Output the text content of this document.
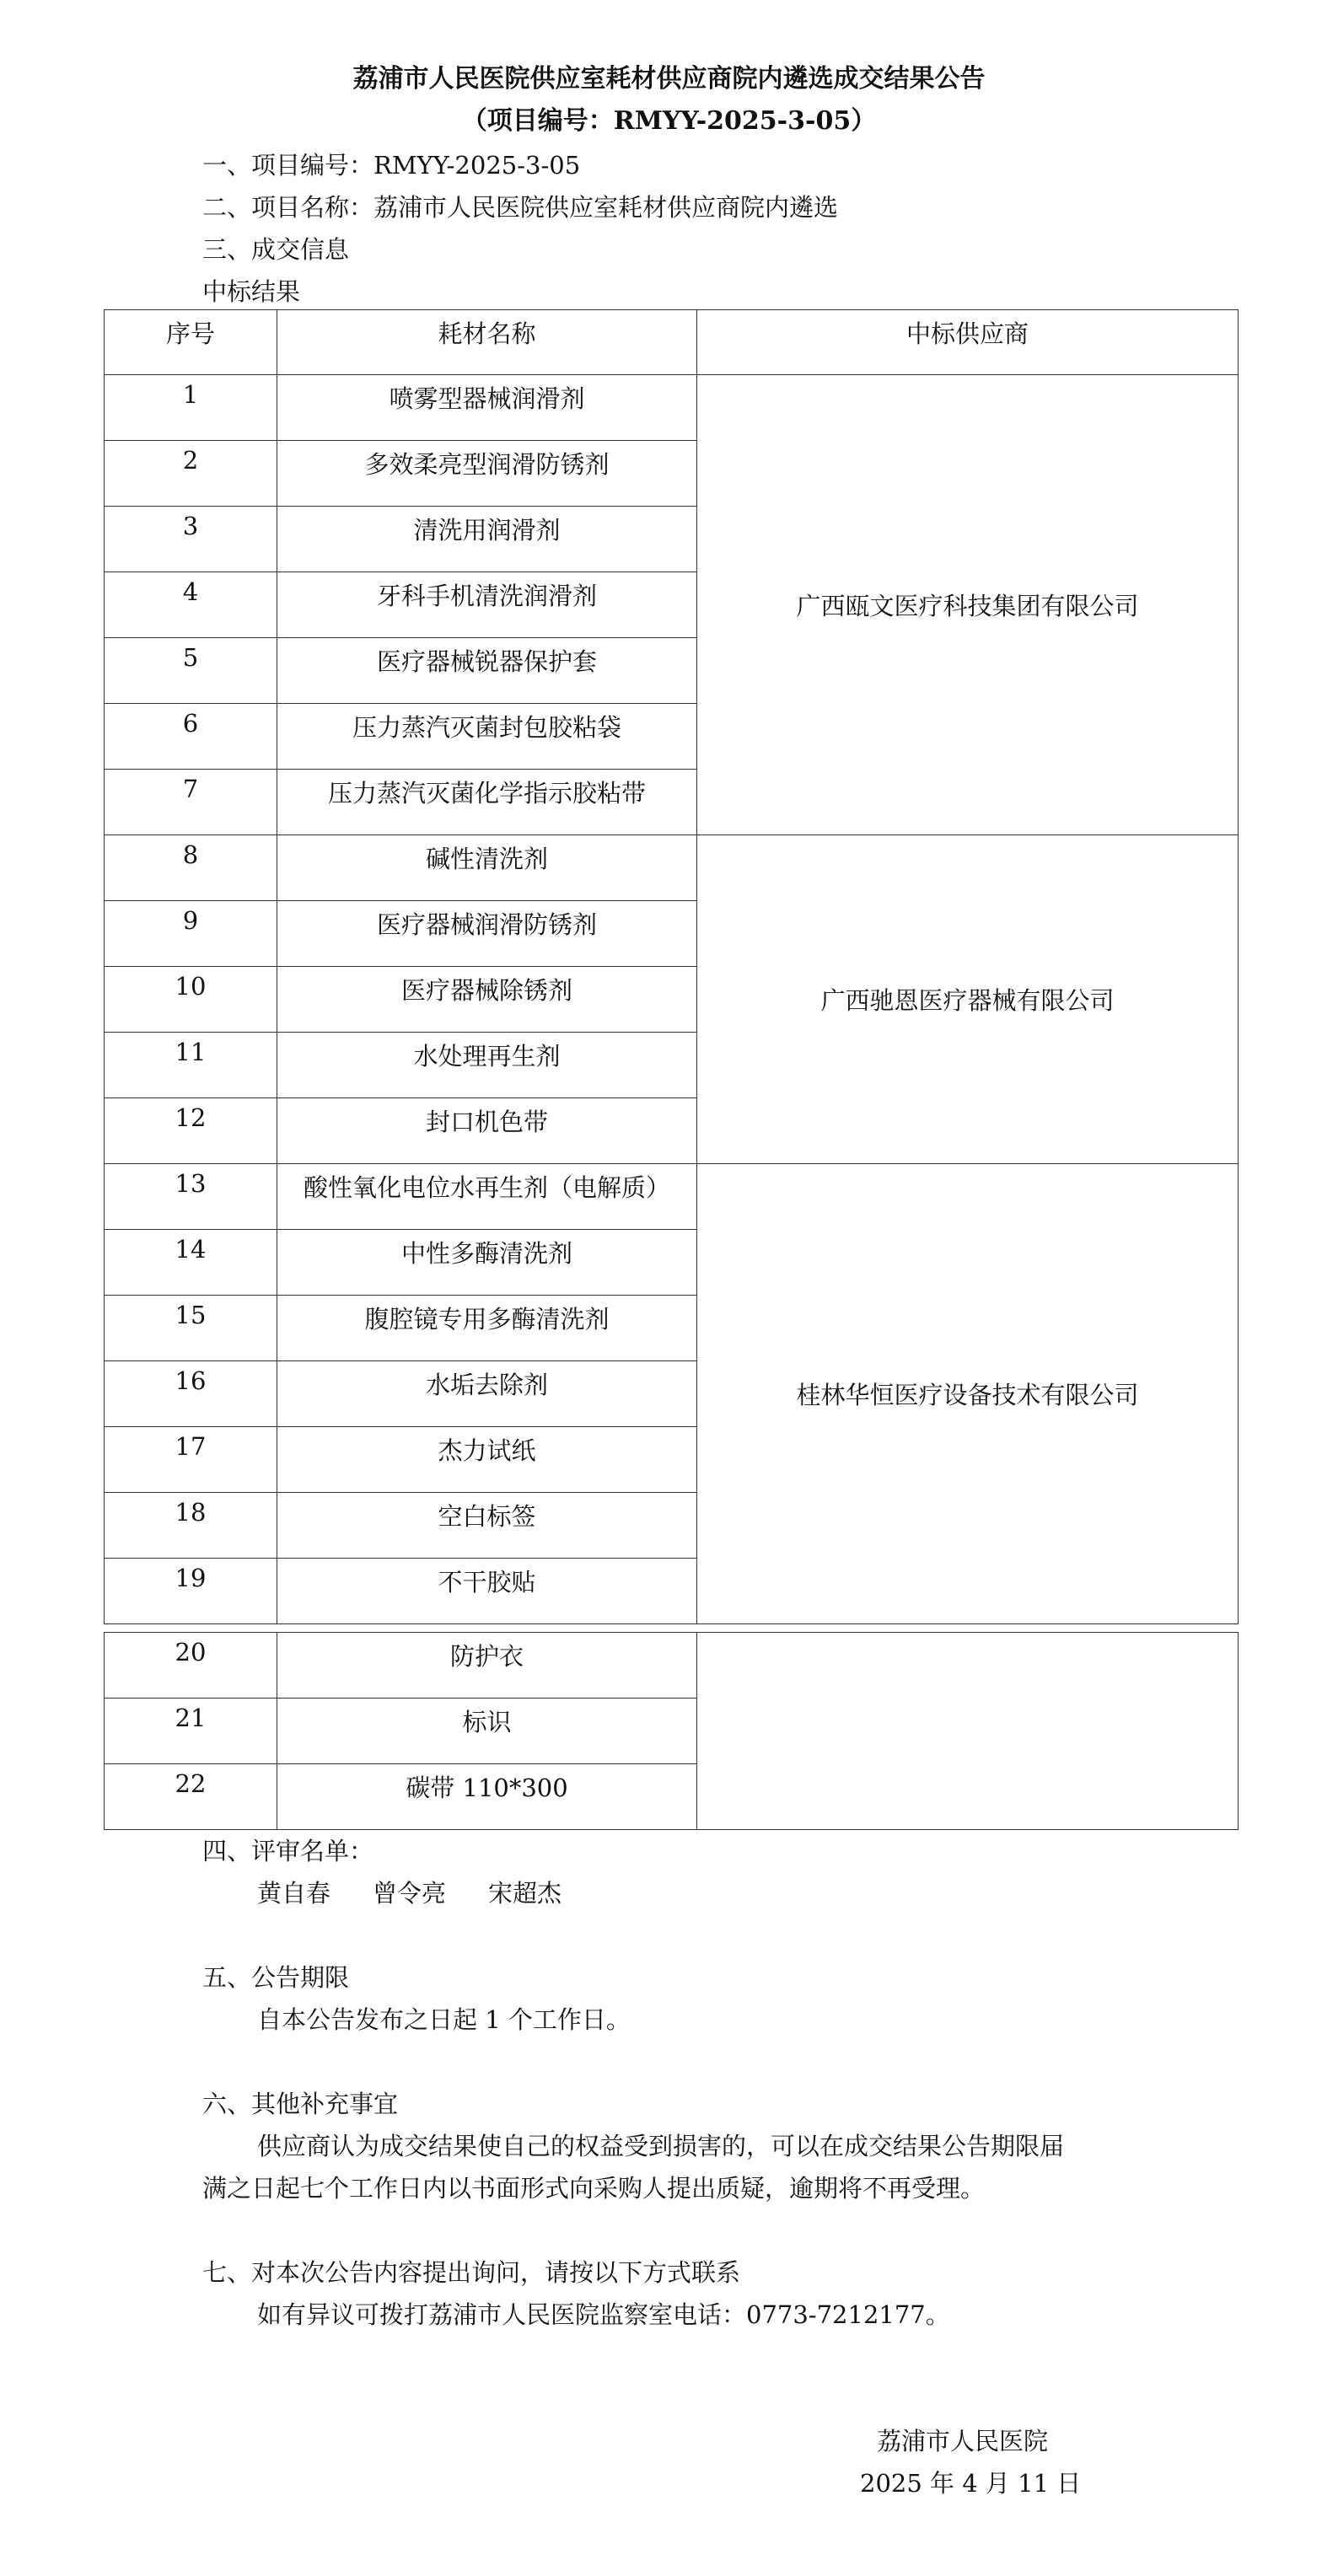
荔浦市人民医院供应室耗材供应商院内遴选成交结果公告
（项目编号：RMYY-2025-3-05）
一、项目编号：RMYY-2025-3-05
二、项目名称：荔浦市人民医院供应室耗材供应商院内遴选
三、成交信息
中标结果
序号	耗材名称	中标供应商
1	喷雾型器械润滑剂	广西瓯文医疗科技集团有限公司
2	多效柔亮型润滑防锈剂	
3	清洗用润滑剂	
4	牙科手机清洗润滑剂	
5	医疗器械锐器保护套	
6	压力蒸汽灭菌封包胶粘袋	
7	压力蒸汽灭菌化学指示胶粘带	
8	碱性清洗剂	广西驰恩医疗器械有限公司
9	医疗器械润滑防锈剂	
10	医疗器械除锈剂	
11	水处理再生剂	
12	封口机色带	
13	酸性氧化电位水再生剂（电解质）	桂林华恒医疗设备技术有限公司
14	中性多酶清洗剂	
15	腹腔镜专用多酶清洗剂	
16	水垢去除剂	
17	杰力试纸	
18	空白标签	
19	不干胶贴	
20	防护衣	
21	标识	
22	碳带 110*300	
四、评审名单：
黄自春 曾令亮 宋超杰
五、公告期限
自本公告发布之日起 1 个工作日。
六、其他补充事宜
供应商认为成交结果使自己的权益受到损害的，可以在成交结果公告期限届
满之日起七个工作日内以书面形式向采购人提出质疑，逾期将不再受理。
七、对本次公告内容提出询问，请按以下方式联系
如有异议可拨打荔浦市人民医院监察室电话：0773-7212177。
荔浦市人民医院
2025 年 4 月 11 日
